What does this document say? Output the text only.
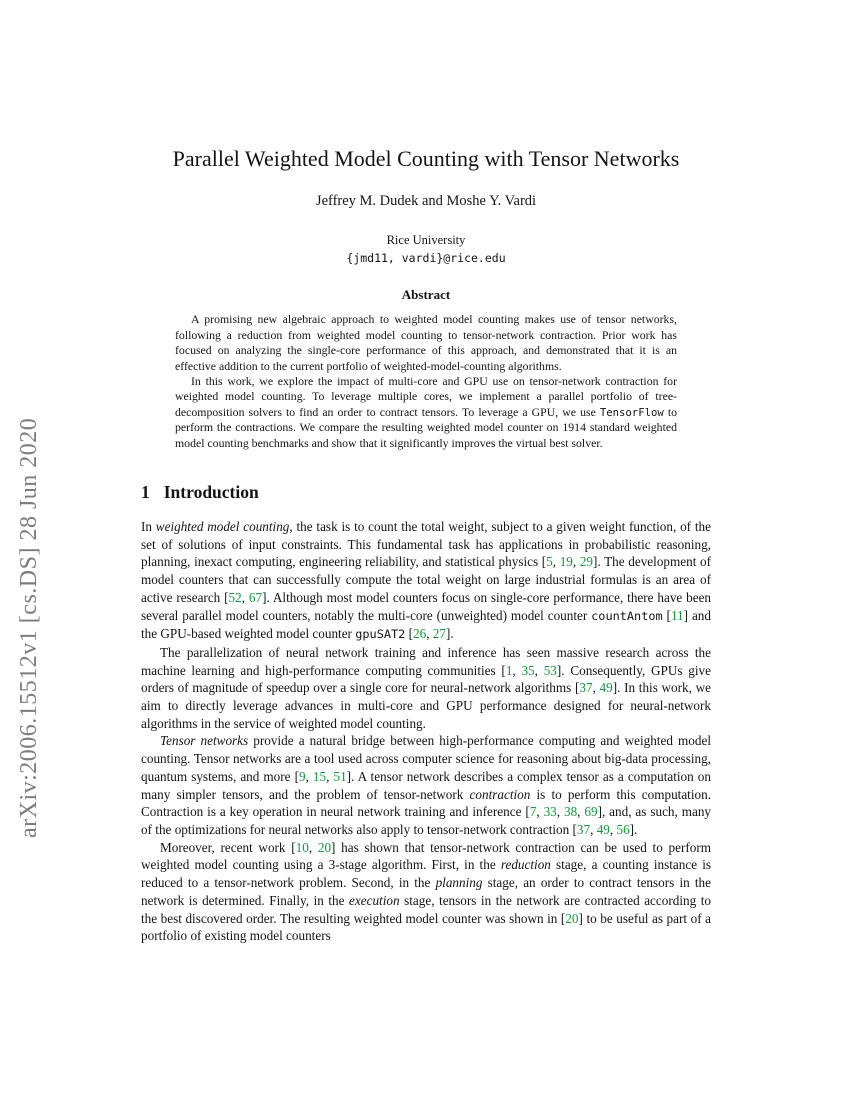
arXiv:2006.15512v1 [cs.DS] 28 Jun 2020
Parallel Weighted Model Counting with Tensor Networks
Jeffrey M. Dudek and Moshe Y. Vardi
Rice University
{jmd11, vardi}@rice.edu
Abstract

A promising new algebraic approach to weighted model counting makes use of tensor networks, following a reduction from weighted model counting to tensor-network contraction. Prior work has focused on analyzing the single-core performance of this approach, and demonstrated that it is an effective addition to the current portfolio of weighted-model-counting algorithms.

In this work, we explore the impact of multi-core and GPU use on tensor-network contraction for weighted model counting. To leverage multiple cores, we implement a parallel portfolio of tree-decomposition solvers to find an order to contract tensors. To leverage a GPU, we use TensorFlow to perform the contractions. We compare the resulting weighted model counter on 1914 standard weighted model counting benchmarks and show that it significantly improves the virtual best solver.

1 Introduction

In weighted model counting, the task is to count the total weight, subject to a given weight function, of the set of solutions of input constraints. This fundamental task has applications in probabilistic reasoning, planning, inexact computing, engineering reliability, and statistical physics [5, 19, 29]. The development of model counters that can successfully compute the total weight on large industrial formulas is an area of active research [52, 67]. Although most model counters focus on single-core performance, there have been several parallel model counters, notably the multi-core (unweighted) model counter countAntom [11] and the GPU-based weighted model counter gpuSAT2 [26, 27].

The parallelization of neural network training and inference has seen massive research across the machine learning and high-performance computing communities [1, 35, 53]. Consequently, GPUs give orders of magnitude of speedup over a single core for neural-network algorithms [37, 49]. In this work, we aim to directly leverage advances in multi-core and GPU performance designed for neural-network algorithms in the service of weighted model counting.

Tensor networks provide a natural bridge between high-performance computing and weighted model counting. Tensor networks are a tool used across computer science for reasoning about big-data processing, quantum systems, and more [9, 15, 51]. A tensor network describes a complex tensor as a computation on many simpler tensors, and the problem of tensor-network contraction is to perform this computation. Contraction is a key operation in neural network training and inference [7, 33, 38, 69], and, as such, many of the optimizations for neural networks also apply to tensor-network contraction [37, 49, 56].

Moreover, recent work [10, 20] has shown that tensor-network contraction can be used to perform weighted model counting using a 3-stage algorithm. First, in the reduction stage, a counting instance is reduced to a tensor-network problem. Second, in the planning stage, an order to contract tensors in the network is determined. Finally, in the execution stage, tensors in the network are contracted according to the best discovered order. The resulting weighted model counter was shown in [20] to be useful as part of a portfolio of existing model counters
